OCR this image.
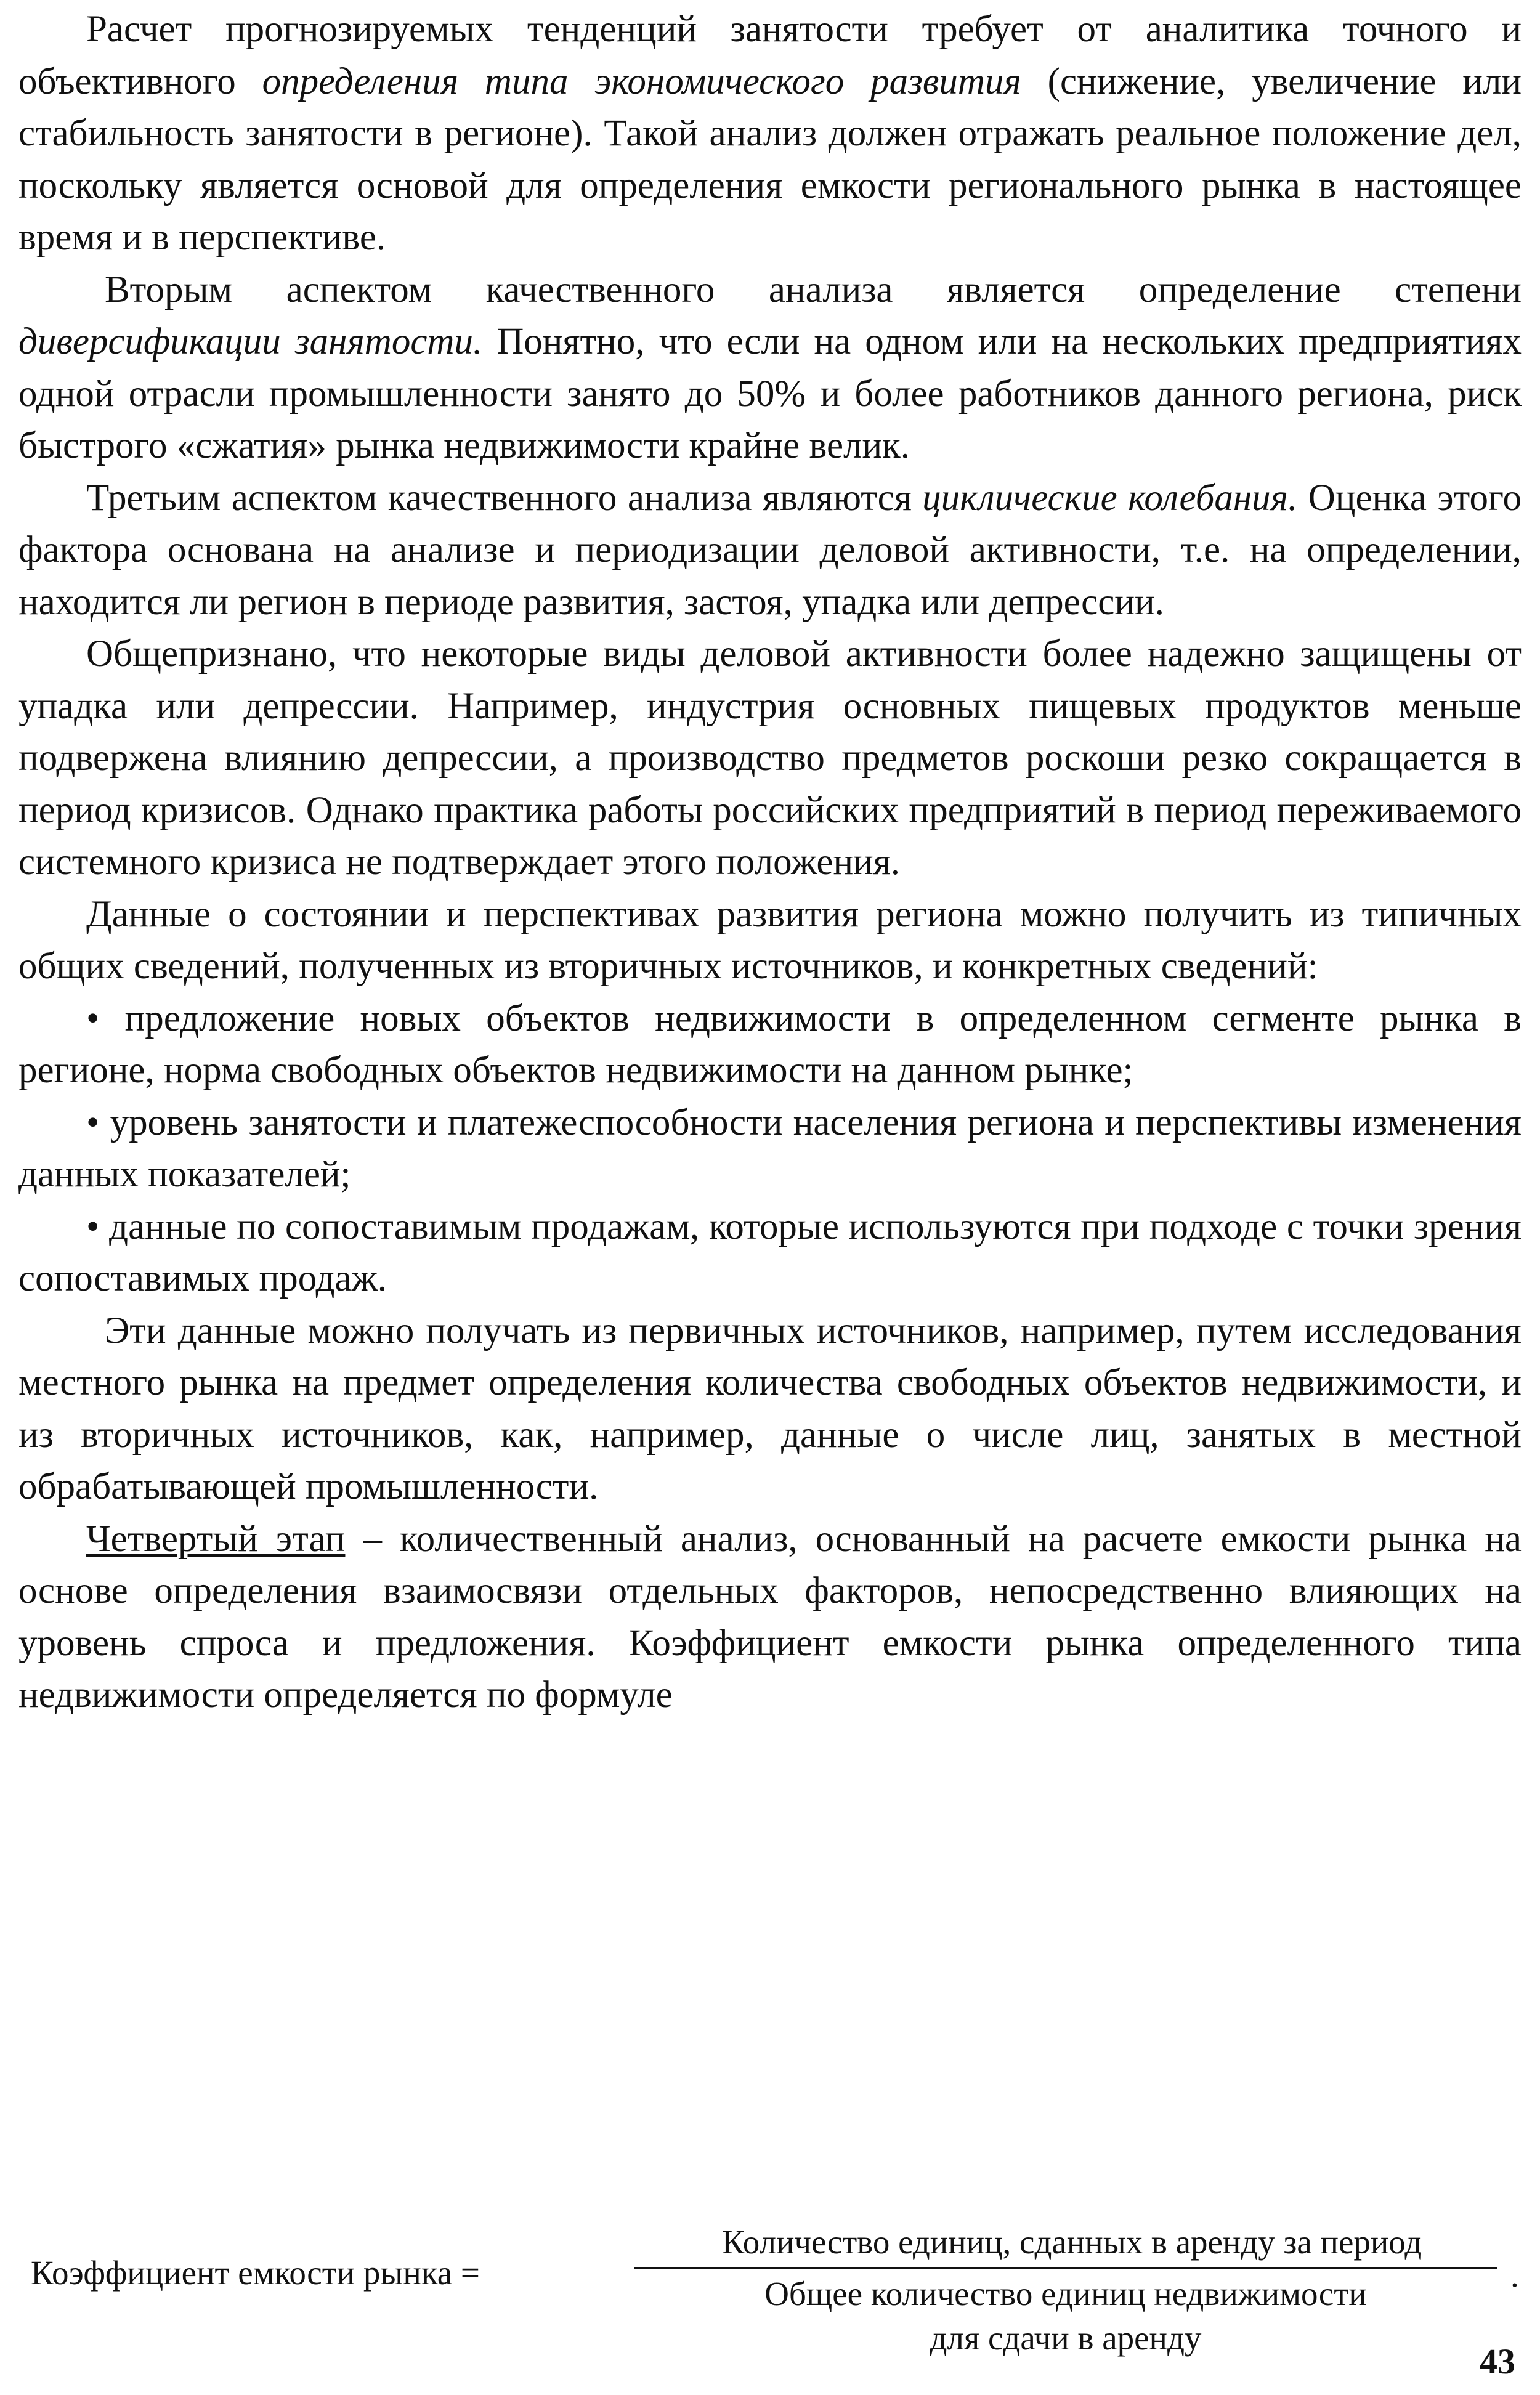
Расчет прогнозируемых тенденций занятости требует от аналитика точного и объективного определения типа экономического развития (снижение, увеличение или стабильность занятости в регионе). Такой анализ должен отражать реальное положение дел, поскольку является основой для определения емкости регионального рынка в настоящее время и в перспективе.

Вторым аспектом качественного анализа является определение степени диверсификации занятости. Понятно, что если на одном или на нескольких предприятиях одной отрасли промышленности занято до 50% и более работников данного региона, риск быстрого «сжатия» рынка недвижимости крайне велик.

Третьим аспектом качественного анализа являются циклические колебания. Оценка этого фактора основана на анализе и периодизации деловой активности, т.е. на определении, находится ли регион в периоде развития, застоя, упадка или депрессии.

Общепризнано, что некоторые виды деловой активности более надежно защищены от упадка или депрессии. Например, индустрия основных пищевых продуктов меньше подвержена влиянию депрессии, а производство предметов роскоши резко сокращается в период кризисов. Однако практика работы российских предприятий в период переживаемого системного кризиса не подтверждает этого положения.

Данные о состоянии и перспективах развития региона можно получить из типичных общих сведений, полученных из вторичных источников, и конкретных сведений:

• предложение новых объектов недвижимости в определенном сегменте рынка в регионе, норма свободных объектов недвижимости на данном рынке;

• уровень занятости и платежеспособности населения региона и перспективы изменения данных показателей;

• данные по сопоставимым продажам, которые используются при подходе с точки зрения сопоставимых продаж.

Эти данные можно получать из первичных источников, например, путем исследования местного рынка на предмет определения количества свободных объектов недвижимости, и из вторичных источников, как, например, данные о числе лиц, занятых в местной обрабатывающей промышленности.

Четвертый этап – количественный анализ, основанный на расчете емкости рынка на основе определения взаимосвязи отдельных факторов, непосредственно влияющих на уровень спроса и предложения. Коэффициент емкости рынка определенного типа недвижимости определяется по формуле

Коэффициент емкости рынка =
Количество единиц, сданных в аренду за период
Общее количество единиц недвижимости
для сдачи в аренду
.
43
